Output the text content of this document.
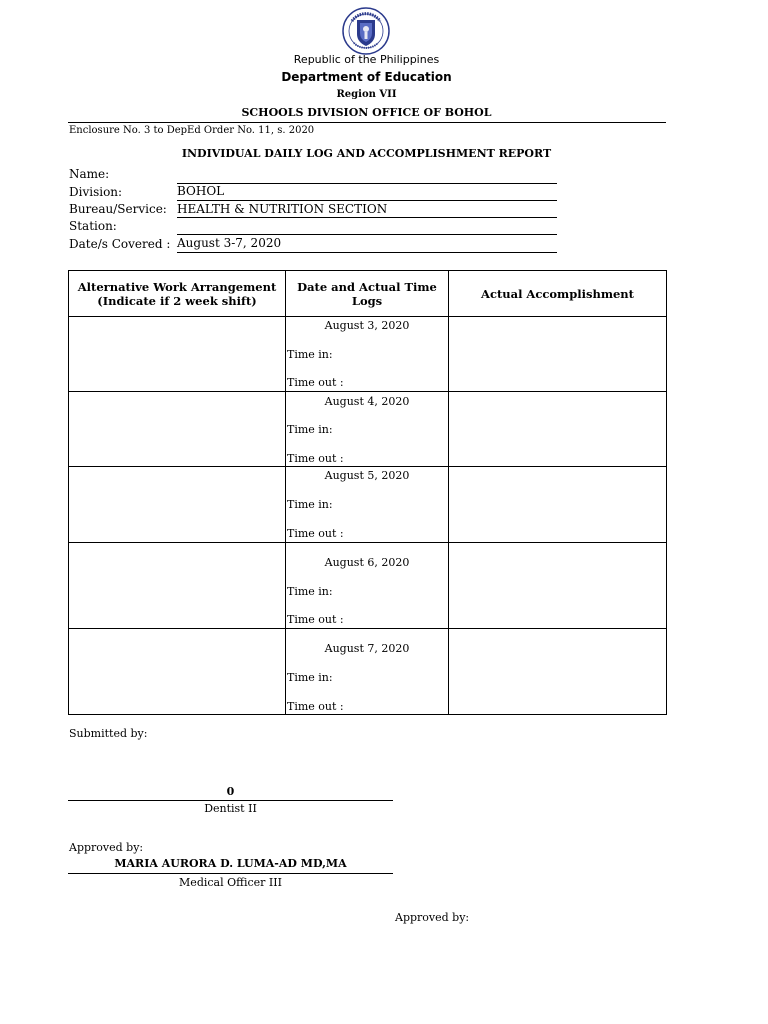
Republic of the Philippines
Department of Education
Region VII
SCHOOLS DIVISION OFFICE OF BOHOL
Enclosure No. 3 to DepEd Order No. 11, s. 2020
INDIVIDUAL DAILY LOG AND ACCOMPLISHMENT REPORT
Name:
Division:	BOHOL
Bureau/Service: HEALTH & NUTRITION SECTION
Station:
Date/s Covered : August 3-7, 2020
Alternative Work Arrangement
(Indicate if 2 week shift)	Date and Actual Time Logs	Actual Accomplishment

	August 3, 2020
Time in:
Time out :	

	August 4, 2020
Time in:
Time out :	

	August 5, 2020
Time in:
Time out :	

	August 6, 2020
Time in:
Time out :	

	August 7, 2020
Time in:
Time out :	

Submitted by:
0
Dentist II
Approved by:
MARIA AURORA D. LUMA-AD MD,MA
Medical Officer III
Approved by:
